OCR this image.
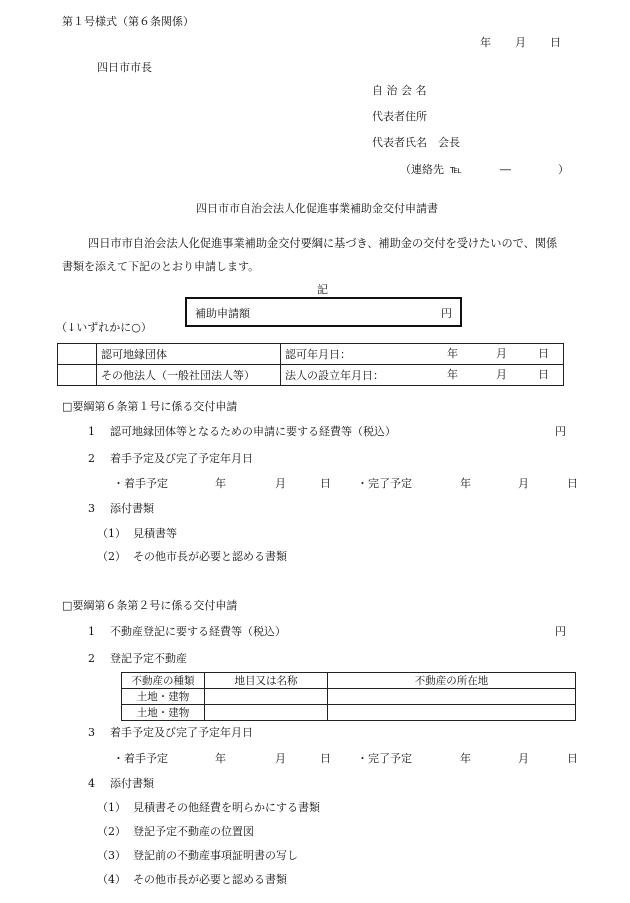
第１号様式（第６条関係）
年 月 日
四日市市長
自 治 会 名
代表者住所
代表者氏名　会長
（連絡先 ℡	―	）
四日市市自治会法人化促進事業補助金交付申請書
四日市市自治会法人化促進事業補助金交付要綱に基づき、補助金の交付を受けたいので、関係
書類を添えて下記のとおり申請します。
記
補助申請額	円
（↓いずれかに○）
	認可地縁団体	認可年月日： 年 月 日

	その他法人（一般社団法人等）	法人の設立年月日： 年 月 日
□要綱第６条第１号に係る交付申請
1 認可地縁団体等となるための申請に要する経費等（税込）	円
2 着手予定及び完了予定年月日
・着手予定	年	月	日 ・完了予定	年	月	日
3 添付書類
（1） 見積書等
（2） その他市長が必要と認める書類
□要綱第６条第２号に係る交付申請
1 不動産登記に要する経費等（税込）	円
2 登記予定不動産
不動産の種類	地目又は名称	不動産の所在地
土地・建物		
土地・建物		
3 着手予定及び完了予定年月日
・着手予定	年	月	日 ・完了予定	年	月	日
4 添付書類
（1） 見積書その他経費を明らかにする書類
（2） 登記予定不動産の位置図
（3） 登記前の不動産事項証明書の写し
（4） その他市長が必要と認める書類
